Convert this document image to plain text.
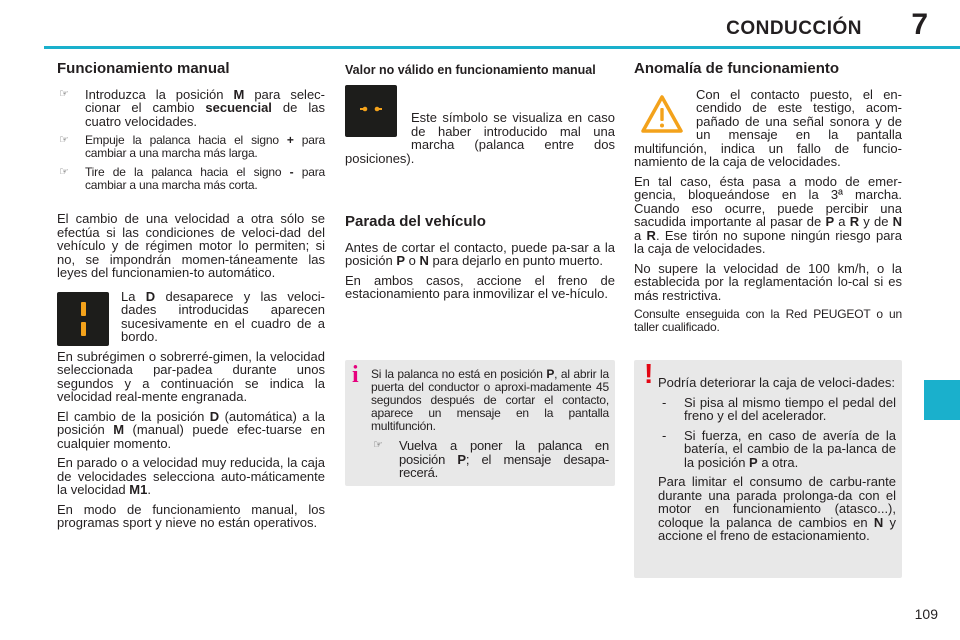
CONDUCCIÓN 7
109
Funcionamiento manual
☞	Introduzca la posición M para selec-cionar el cambio secuencial de las cuatro velocidades.
☞	Empuje la palanca hacia el signo + para cambiar a una marcha más larga.
☞	Tire de la palanca hacia el signo - para cambiar a una marcha más corta.

El cambio de una velocidad a otra sólo se efectúa si las condiciones de veloci-dad del vehículo y de régimen motor lo permiten; si no, se impondrán momen-táneamente las leyes del funcionamien-to automático.

La D desaparece y las veloci-dades introducidas aparecen sucesivamente en el cuadro de a bordo.

En subrégimen o sobrerré-gimen, la velocidad seleccionada par-padea durante unos segundos y a continuación se indica la velocidad real-mente engranada.

El cambio de la posición D (automática) a la posición M (manual) puede efec-tuarse en cualquier momento.

En parado o a velocidad muy reducida, la caja de velocidades selecciona auto-máticamente la velocidad M1.

En modo de funcionamiento manual, los programas sport y nieve no están operativos.

Valor no válido en funcionamiento manual

Este símbolo se visualiza en caso de haber introducido mal una marcha (palanca entre dos posiciones).

Parada del vehículo

Antes de cortar el contacto, puede pa-sar a la posición P o N para dejarlo en punto muerto.

En ambos casos, accione el freno de estacionamiento para inmovilizar el ve-hículo.

i Si la palanca no está en posición P, al abrir la puerta del conductor o aproxi-madamente 45 segundos después de cortar el contacto, aparece un mensaje en la pantalla multifunción.

☞	Vuelva a poner la palanca en posición P; el mensaje desapa-recerá.
Anomalía de funcionamiento

Con el contacto puesto, el en-cendido de este testigo, acom-pañado de una señal sonora y de un mensaje en la pantalla multifunción, indica un fallo de funcio-namiento de la caja de velocidades.

En tal caso, ésta pasa a modo de emer-gencia, bloqueándose en la 3ª marcha. Cuando eso ocurre, puede percibir una sacudida importante al pasar de P a R y de N a R. Ese tirón no supone ningún riesgo para la caja de velocidades.

No supere la velocidad de 100 km/h, o la establecida por la reglamentación lo-cal si es más restrictiva.

Consulte enseguida con la Red PEUGEOT o un taller cualificado.

! Podría deteriorar la caja de veloci-dades:

-	Si pisa al mismo tiempo el pedal del freno y el del acelerador.
-	Si fuerza, en caso de avería de la batería, el cambio de la pa-lanca de la posición P a otra.

Para limitar el consumo de carbu-rante durante una parada prolonga-da con el motor en funcionamiento (atasco...), coloque la palanca de cambios en N y accione el freno de estacionamiento.
